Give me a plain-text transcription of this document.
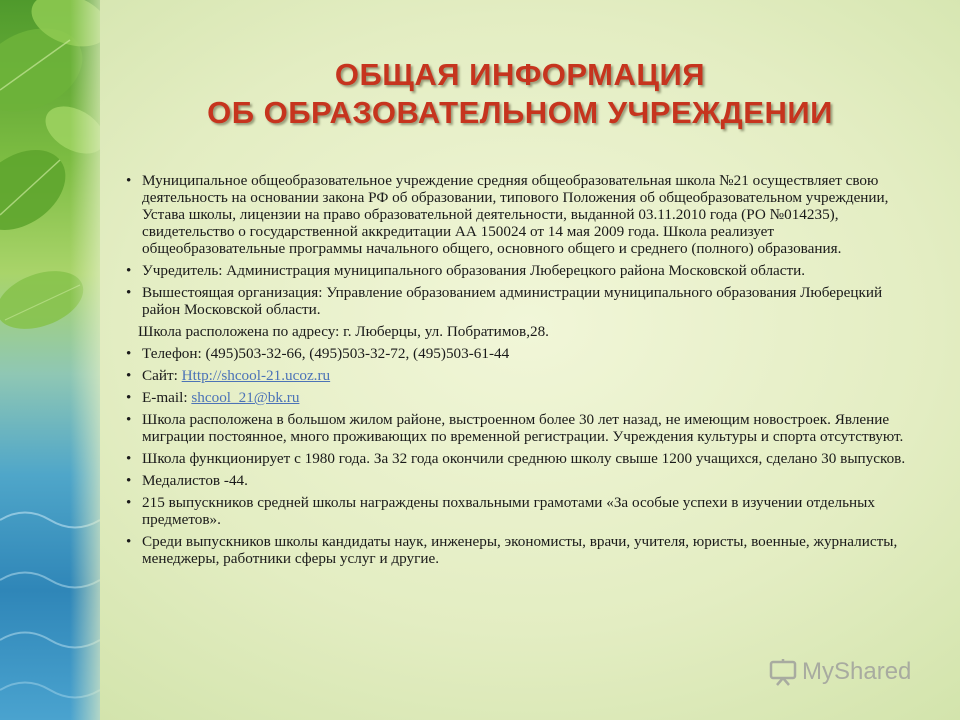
ОБЩАЯ ИНФОРМАЦИЯ
ОБ ОБРАЗОВАТЕЛЬНОМ УЧРЕЖДЕНИИ
• Муниципальное общеобразовательное учреждение средняя общеобразовательная школа №21 осуществляет свою деятельность на основании закона РФ об образовании, типового Положения об общеобразовательном учреждении, Устава школы, лицензии на право образовательной деятельности, выданной 03.11.2010 года (РО №014235), свидетельство о государственной аккредитации АА 150024 от 14 мая 2009 года. Школа реализует общеобразовательные программы начального общего, основного общего и среднего (полного) образования.
• Учредитель: Администрация муниципального образования Люберецкого района Московской области.
• Вышестоящая организация: Управление образованием администрации муниципального образования Люберецкий район Московской области.
Школа расположена по адресу: г. Люберцы, ул. Побратимов,28.
• Телефон: (495)503-32-66, (495)503-32-72, (495)503-61-44
• Сайт: Http://shcool-21.ucoz.ru
• E-mail: shcool_21@bk.ru
• Школа расположена в большом жилом районе, выстроенном более 30 лет назад, не имеющим новостроек. Явление миграции постоянное, много проживающих по временной регистрации. Учреждения культуры и спорта отсутствуют.
• Школа функционирует с 1980 года. За 32 года окончили среднюю школу свыше 1200 учащихся, сделано 30 выпусков.
• Медалистов -44.
• 215 выпускников средней школы награждены похвальными грамотами «За особые успехи в изучении отдельных предметов».
• Среди выпускников школы кандидаты наук, инженеры, экономисты, врачи, учителя, юристы, военные, журналисты, менеджеры, работники сферы услуг и другие.
MyShared
